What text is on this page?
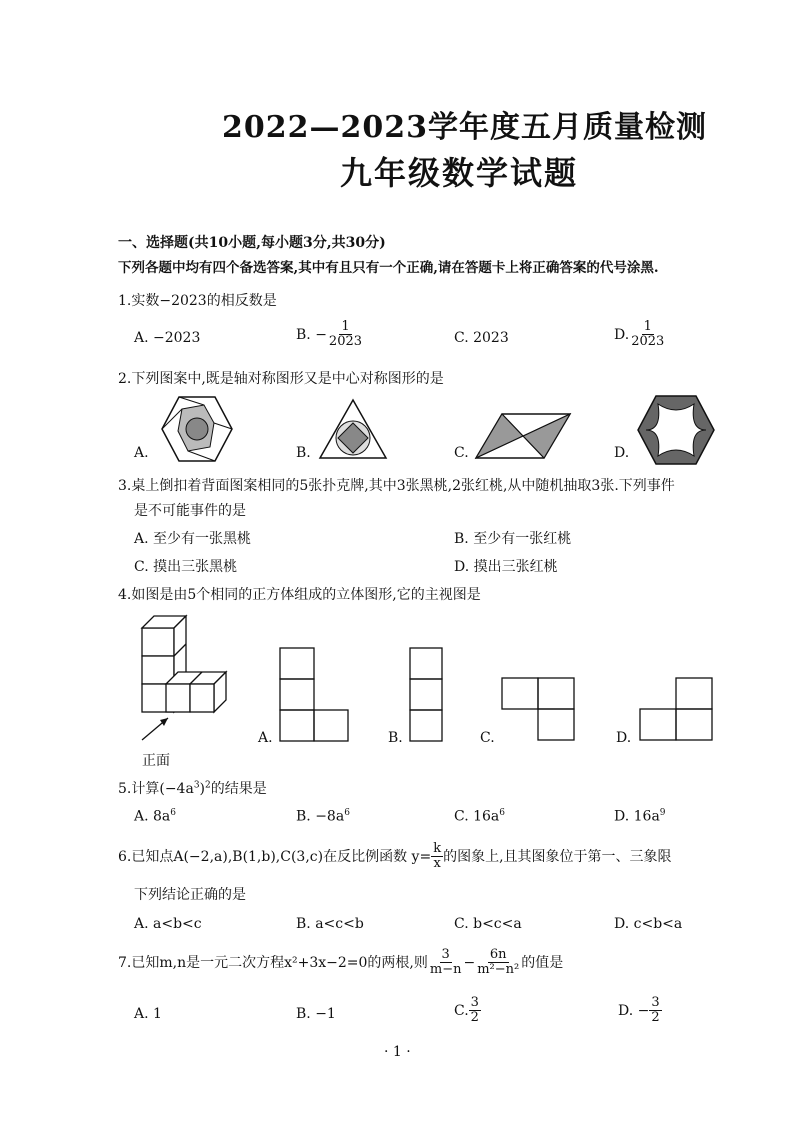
2022—2023学年度五月质量检测
九年级数学试题
一、选择题(共10小题,每小题3分,共30分)
下列各题中均有四个备选答案,其中有且只有一个正确,请在答题卡上将正确答案的代号涂黑.
1.实数−2023的相反数是
A. −2023	B. − $\frac{1}{2023}$	C. 2023	D. $\frac{1}{2023}$
2.下列图案中,既是轴对称图形又是中心对称图形的是
A.	B.	C.	D.
3.桌上倒扣着背面图案相同的5张扑克牌,其中3张黑桃,2张红桃,从中随机抽取3张.下列事件
是不可能事件的是
A. 至少有一张黑桃	B. 至少有一张红桃
C. 摸出三张黑桃	D. 摸出三张红桃
4.如图是由5个相同的正方体组成的立体图形,它的主视图是
正面
A.	B.	C.	D.
5.计算$(-4a^3)^2$的结果是
A. $8a^6$	B. $-8a^6$	C. $16a^6$	D. $16a^9$
6.已知点A(−2,a),B(1,b),C(3,c)在反比例函数 $y= \frac{k}{x}$ 的图象上,且其图象位于第一、三象限
下列结论正确的是
A. a<b<c	B. a<c<b	C. b<c<a	D. c<b<a
7.已知m,n是一元二次方程x²+3x−2=0的两根,则 $\frac{3}{m-n} - \frac{6n}{\text{m²−n²}}$ 的值是
A. 1	B. −1	C. $\frac{3}{2}$	D. − $\frac{3}{2}$
· 1 ·
